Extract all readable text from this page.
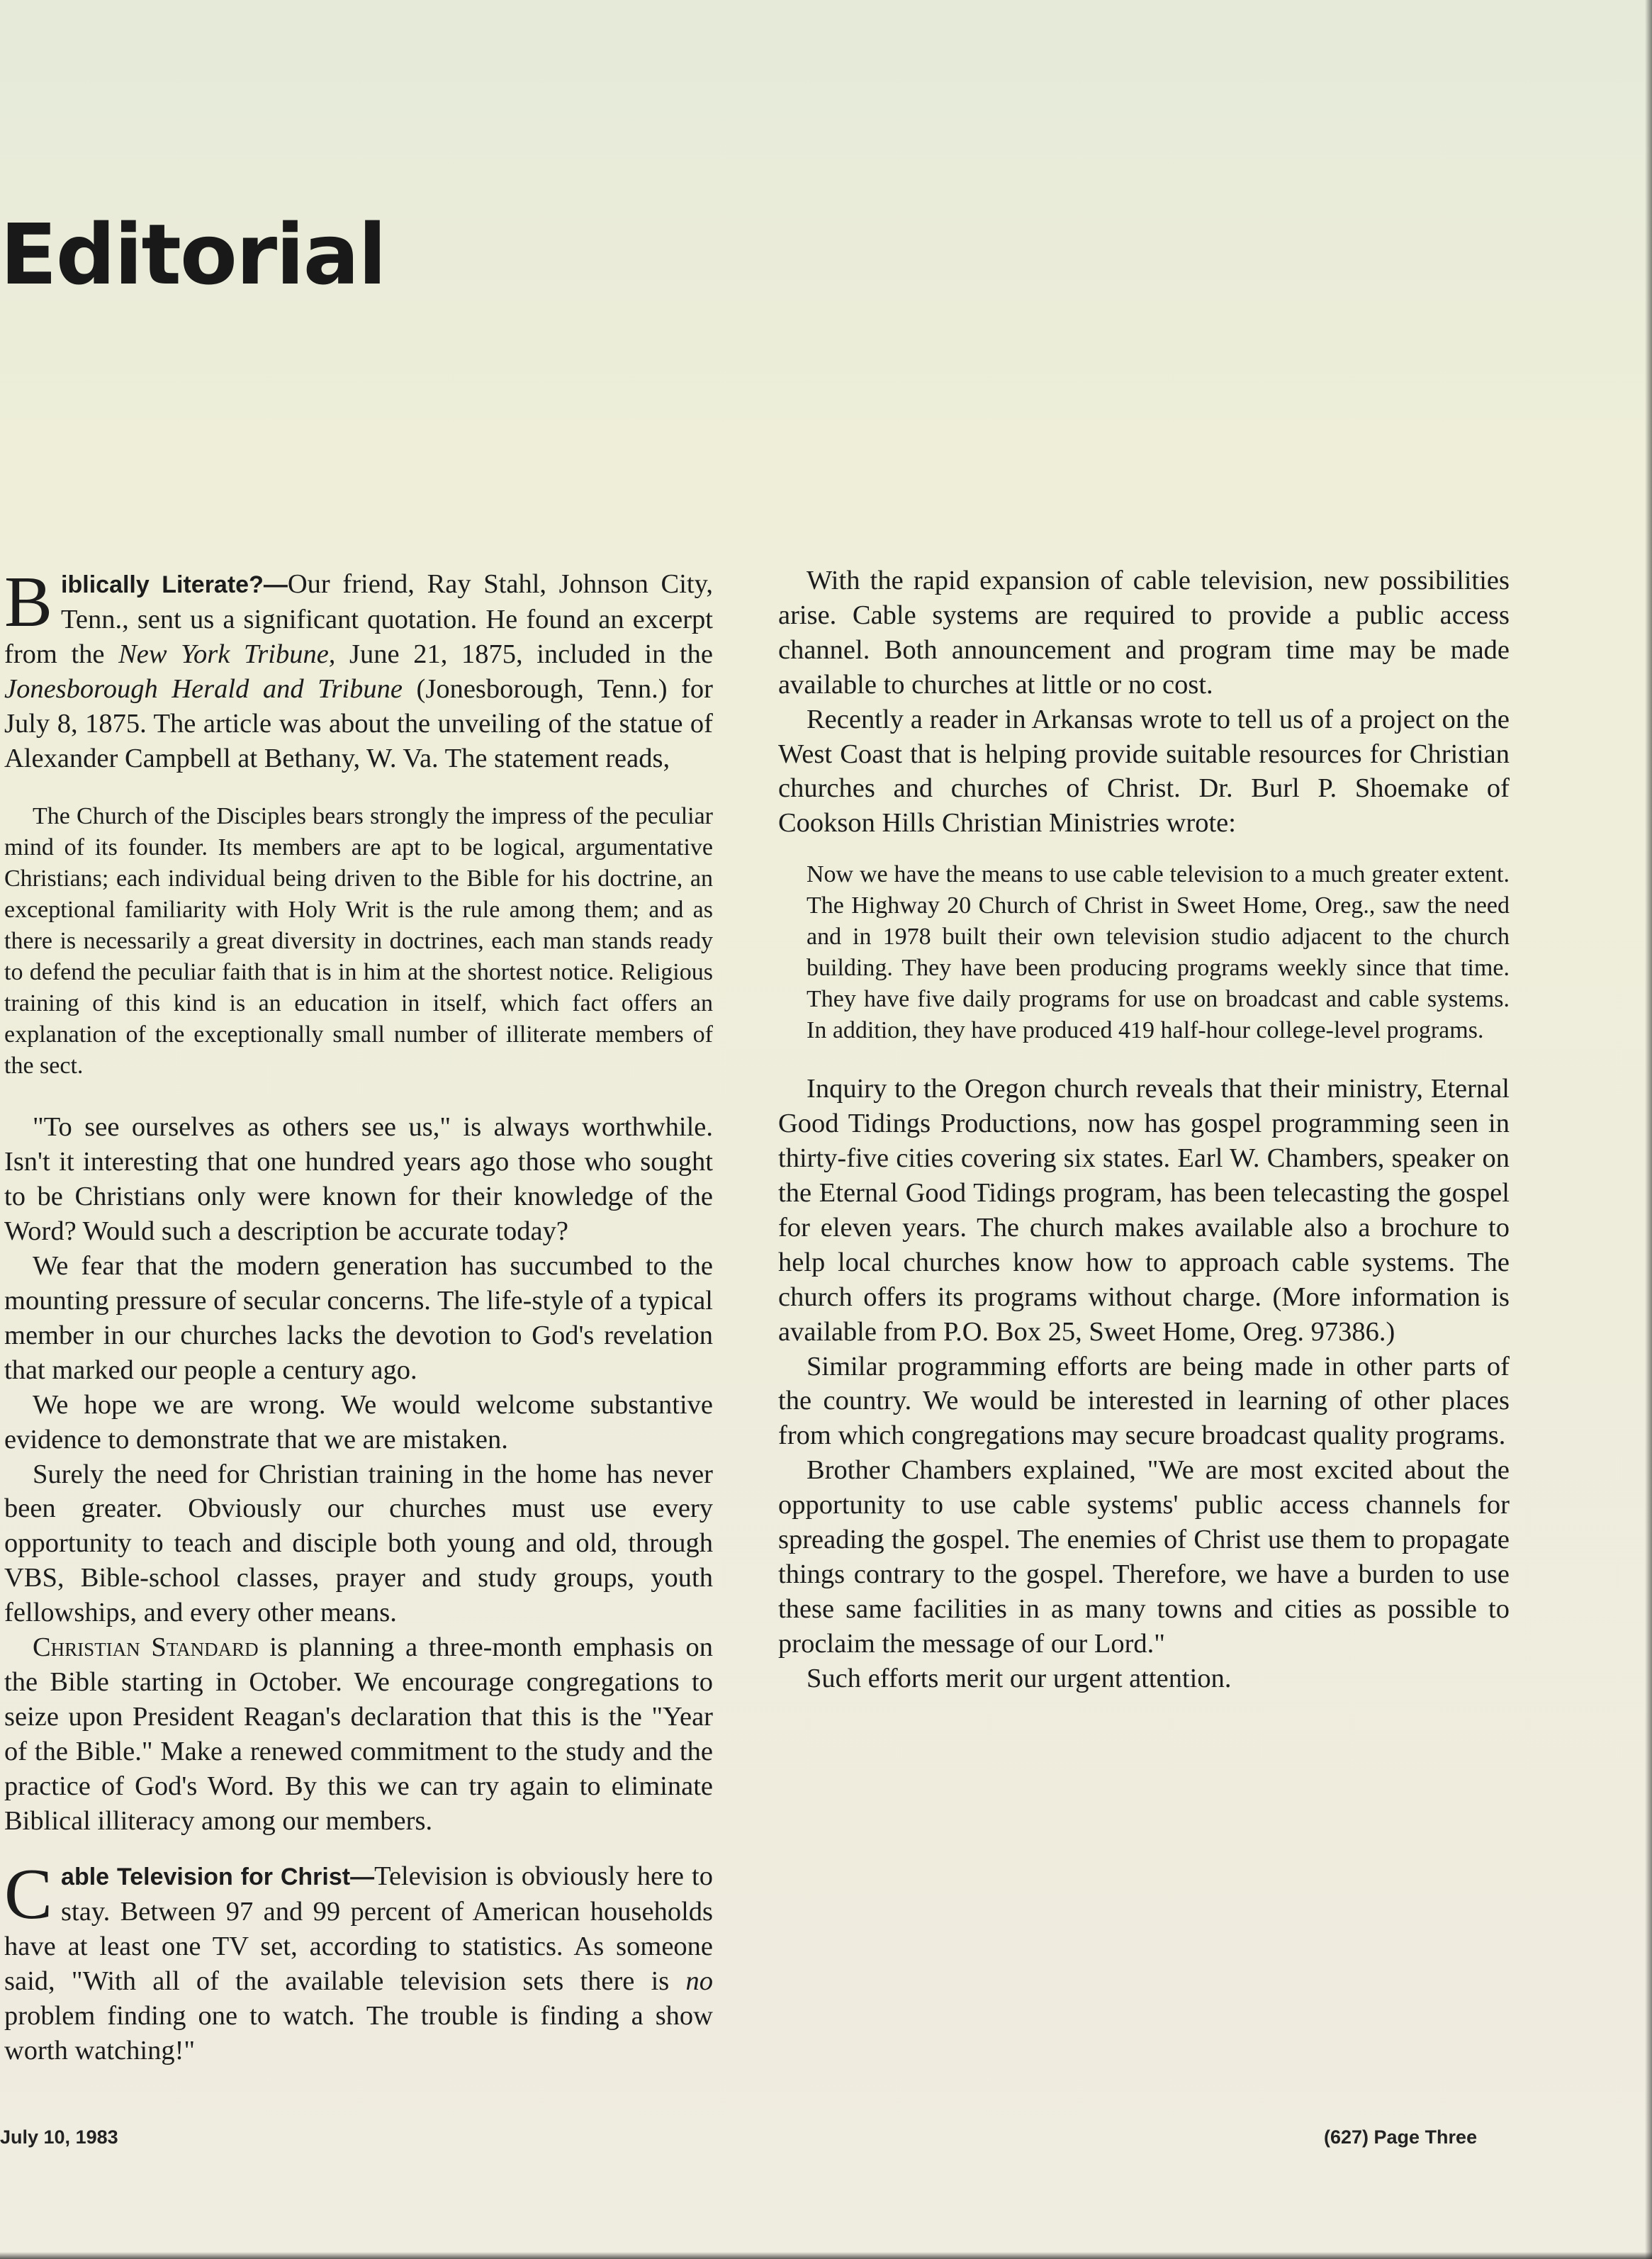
Editorial

Biblically Literate?—Our friend, Ray Stahl, Johnson City, Tenn., sent us a significant quotation. He found an excerpt from the New York Tribune, June 21, 1875, included in the Jonesborough Herald and Tribune (Jonesborough, Tenn.) for July 8, 1875. The article was about the unveiling of the statue of Alexander Campbell at Bethany, W. Va. The statement reads,

The Church of the Disciples bears strongly the impress of the peculiar mind of its founder. Its members are apt to be logical, argumentative Christians; each individual being driven to the Bible for his doctrine, an exceptional familiarity with Holy Writ is the rule among them; and as there is necessarily a great diversity in doctrines, each man stands ready to defend the peculiar faith that is in him at the shortest notice. Religious training of this kind is an education in itself, which fact offers an explanation of the exceptionally small number of illiterate members of the sect.

"To see ourselves as others see us," is always worthwhile. Isn't it interesting that one hundred years ago those who sought to be Christians only were known for their knowledge of the Word? Would such a description be accurate today?

We fear that the modern generation has succumbed to the mounting pressure of secular concerns. The life-style of a typical member in our churches lacks the devotion to God's revelation that marked our people a century ago.

We hope we are wrong. We would welcome substantive evidence to demonstrate that we are mistaken.

Surely the need for Christian training in the home has never been greater. Obviously our churches must use every opportunity to teach and disciple both young and old, through VBS, Bible-school classes, prayer and study groups, youth fellowships, and every other means.

Christian Standard is planning a three-month emphasis on the Bible starting in October. We encourage congregations to seize upon President Reagan's declaration that this is the "Year of the Bible." Make a renewed commitment to the study and the practice of God's Word. By this we can try again to eliminate Biblical illiteracy among our members.

Cable Television for Christ—Television is obviously here to stay. Between 97 and 99 percent of American households have at least one TV set, according to statistics. As someone said, "With all of the available television sets there is no problem finding one to watch. The trouble is finding a show worth watching!"

With the rapid expansion of cable television, new possibilities arise. Cable systems are required to provide a public access channel. Both announcement and program time may be made available to churches at little or no cost.

Recently a reader in Arkansas wrote to tell us of a project on the West Coast that is helping provide suitable resources for Christian churches and churches of Christ. Dr. Burl P. Shoemake of Cookson Hills Christian Ministries wrote:

Now we have the means to use cable television to a much greater extent. The Highway 20 Church of Christ in Sweet Home, Oreg., saw the need and in 1978 built their own television studio adjacent to the church building. They have been producing programs weekly since that time. They have five daily programs for use on broadcast and cable systems. In addition, they have produced 419 half-hour college-level programs.

Inquiry to the Oregon church reveals that their ministry, Eternal Good Tidings Productions, now has gospel programming seen in thirty-five cities covering six states. Earl W. Chambers, speaker on the Eternal Good Tidings program, has been telecasting the gospel for eleven years. The church makes available also a brochure to help local churches know how to approach cable systems. The church offers its programs without charge. (More information is available from P.O. Box 25, Sweet Home, Oreg. 97386.)

Similar programming efforts are being made in other parts of the country. We would be interested in learning of other places from which congregations may secure broadcast quality programs.

Brother Chambers explained, "We are most excited about the opportunity to use cable systems' public access channels for spreading the gospel. The enemies of Christ use them to propagate things contrary to the gospel. Therefore, we have a burden to use these same facilities in as many towns and cities as possible to proclaim the message of our Lord."

Such efforts merit our urgent attention.

July 10, 1983	(627) Page Three
